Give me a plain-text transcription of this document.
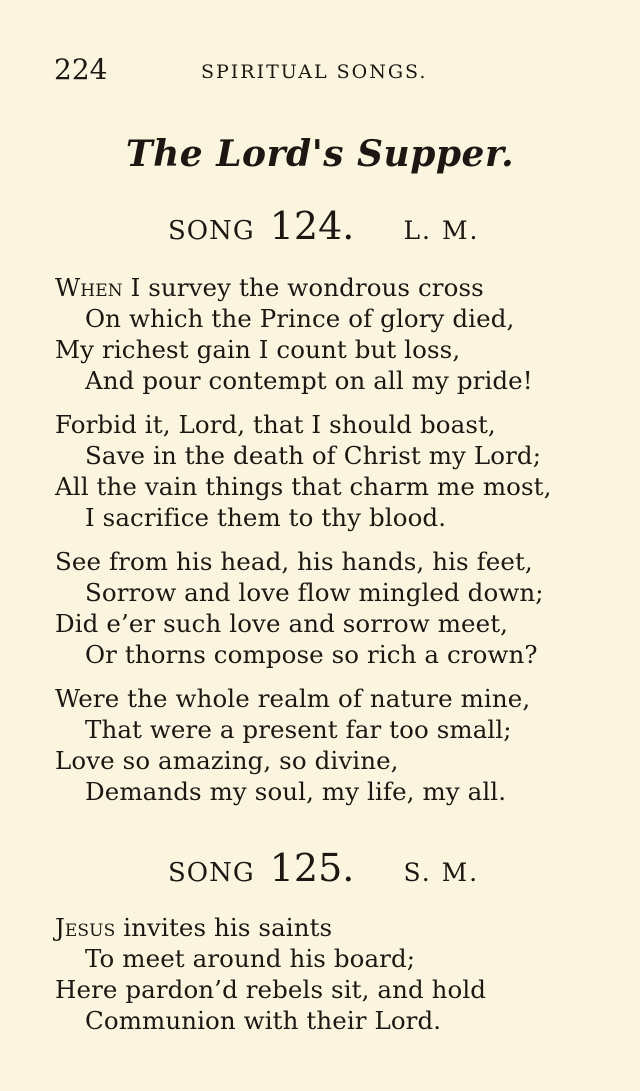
224	SPIRITUAL SONGS.
The Lord's Supper.
SONG 124. L. M.
When I survey the wondrous cross
On which the Prince of glory died,
My richest gain I count but loss,
And pour contempt on all my pride!
Forbid it, Lord, that I should boast,
Save in the death of Christ my Lord;
All the vain things that charm me most,
I sacrifice them to thy blood.
See from his head, his hands, his feet,
Sorrow and love flow mingled down;
Did e’er such love and sorrow meet,
Or thorns compose so rich a crown?
Were the whole realm of nature mine,
That were a present far too small;
Love so amazing, so divine,
Demands my soul, my life, my all.
SONG 125. S. M.
Jesus invites his saints
To meet around his board;
Here pardon’d rebels sit, and hold
Communion with their Lord.
